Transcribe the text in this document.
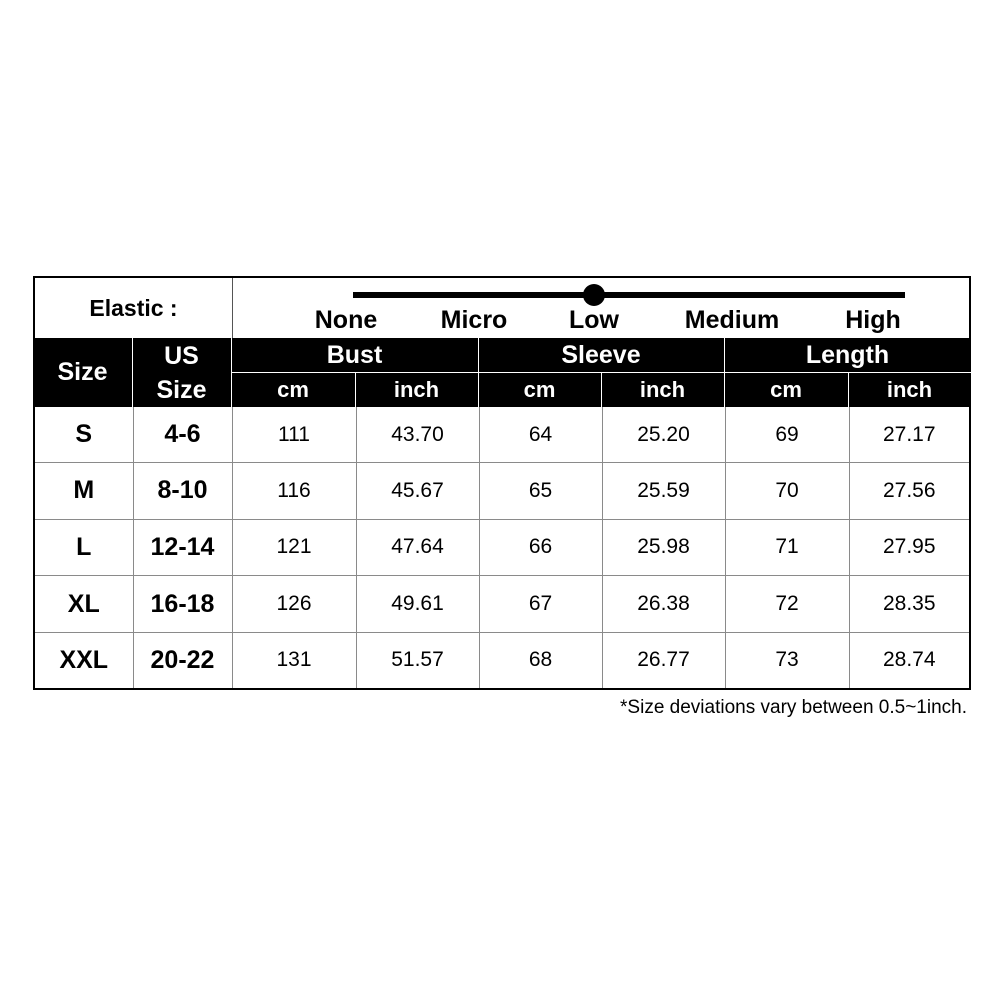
Elastic :	None	Micro Low	Medium	High
Size
US
Size
Bust	Sleeve	Length
cm	inch	cm	inch	cm	inch
S	4-6	111	43.70	64	25.20	69	27.17
M	8-10	116	45.67	65	25.59	70	27.56
L	12-14	121	47.64	66	25.98	71	27.95
XL	16-18	126	49.61	67	26.38	72	28.35
XXL	20-22	131	51.57	68	26.77	73	28.74
*Size deviations vary between 0.5~1inch.
